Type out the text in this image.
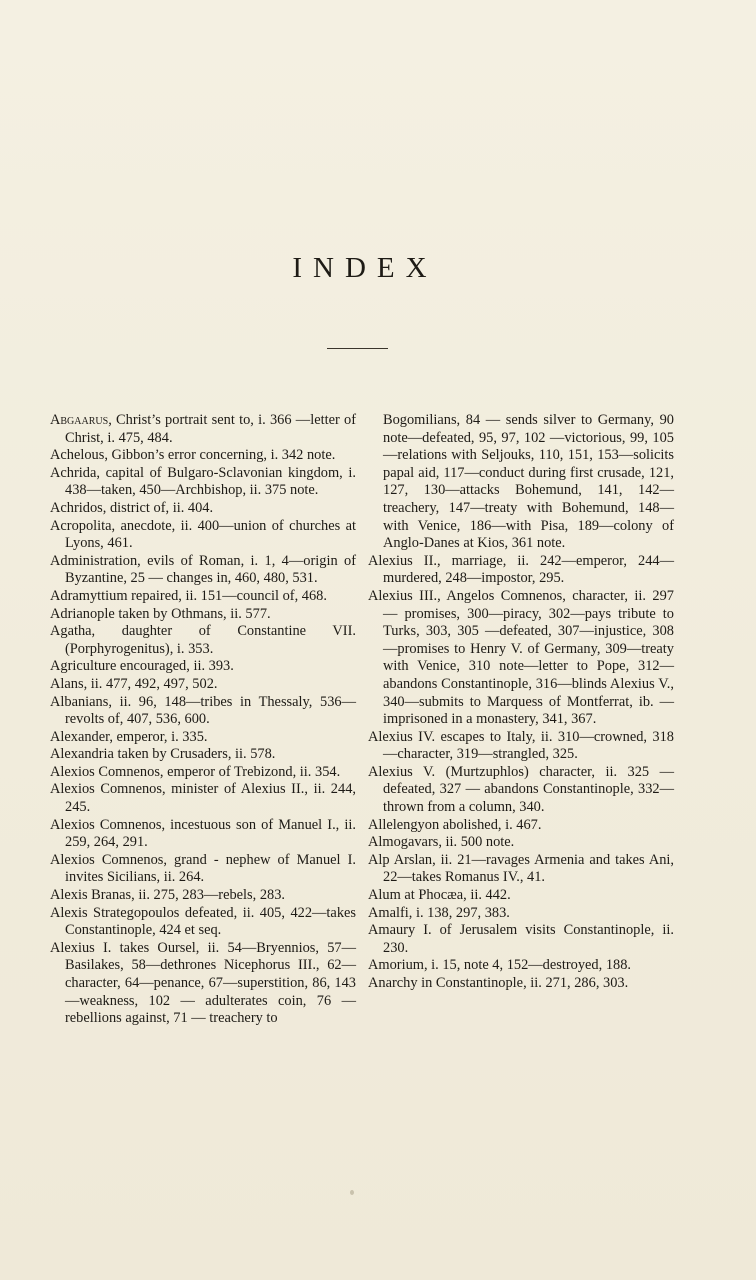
INDEX

Abgaarus, Christ’s portrait sent to, i. 366 —letter of Christ, i. 475, 484.

Achelous, Gibbon’s error concerning, i. 342 note.

Achrida, capital of Bulgaro-Sclavonian kingdom, i. 438—taken, 450—Archbishop, ii. 375 note.

Achridos, district of, ii. 404.

Acropolita, anecdote, ii. 400—union of churches at Lyons, 461.

Administration, evils of Roman, i. 1, 4—origin of Byzantine, 25 — changes in, 460, 480, 531.

Adramyttium repaired, ii. 151—council of, 468.

Adrianople taken by Othmans, ii. 577.

Agatha, daughter of Constantine VII. (Porphyrogenitus), i. 353.

Agriculture encouraged, ii. 393.

Alans, ii. 477, 492, 497, 502.

Albanians, ii. 96, 148—tribes in Thessaly, 536—revolts of, 407, 536, 600.

Alexander, emperor, i. 335.

Alexandria taken by Crusaders, ii. 578.

Alexios Comnenos, emperor of Trebizond, ii. 354.

Alexios Comnenos, minister of Alexius II., ii. 244, 245.

Alexios Comnenos, incestuous son of Manuel I., ii. 259, 264, 291.

Alexios Comnenos, grand - nephew of Manuel I. invites Sicilians, ii. 264.

Alexis Branas, ii. 275, 283—rebels, 283.

Alexis Strategopoulos defeated, ii. 405, 422—takes Constantinople, 424 et seq.

Alexius I. takes Oursel, ii. 54—Bryennios, 57—Basilakes, 58—dethrones Nicephorus III., 62—character, 64—penance, 67—superstition, 86, 143—weakness, 102 — adulterates coin, 76 — rebellions against, 71 — treachery to

Bogomilians, 84 — sends silver to Germany, 90 note—defeated, 95, 97, 102 —victorious, 99, 105—relations with Seljouks, 110, 151, 153—solicits papal aid, 117—conduct during first crusade, 121, 127, 130—attacks Bohemund, 141, 142—treachery, 147—treaty with Bohemund, 148—with Venice, 186—with Pisa, 189—colony of Anglo-Danes at Kios, 361 note.

Alexius II., marriage, ii. 242—emperor, 244—murdered, 248—impostor, 295.

Alexius III., Angelos Comnenos, character, ii. 297 — promises, 300—piracy, 302—pays tribute to Turks, 303, 305 —defeated, 307—injustice, 308—promises to Henry V. of Germany, 309—treaty with Venice, 310 note—letter to Pope, 312—abandons Constantinople, 316—blinds Alexius V., 340—submits to Marquess of Montferrat, ib. —imprisoned in a monastery, 341, 367.

Alexius IV. escapes to Italy, ii. 310—crowned, 318—character, 319—strangled, 325.

Alexius V. (Murtzuphlos) character, ii. 325 —defeated, 327 — abandons Constantinople, 332—thrown from a column, 340.

Allelengyon abolished, i. 467.

Almogavars, ii. 500 note.

Alp Arslan, ii. 21—ravages Armenia and takes Ani, 22—takes Romanus IV., 41.

Alum at Phocæa, ii. 442.

Amalfi, i. 138, 297, 383.

Amaury I. of Jerusalem visits Constantinople, ii. 230.

Amorium, i. 15, note 4, 152—destroyed, 188.

Anarchy in Constantinople, ii. 271, 286, 303.
